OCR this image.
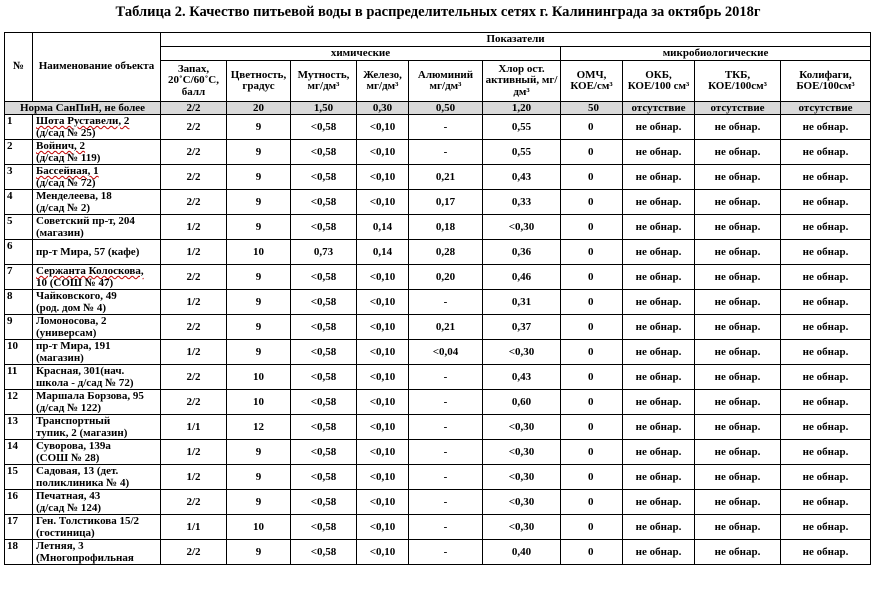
Таблица 2. Качество питьевой воды в распределительных сетях г. Калининграда за октябрь 2018г
№	Наименование объекта	Показатели									
		химические						микробиологические			
		Запах, 20˚С/60˚С, балл	Цветность, градус	Мутность, мг/дм³	Железо, мг/дм³	Алюминий мг/дм³	Хлор ост. активный, мг/дм³	ОМЧ, КОЕ/см³	ОКБ, КОЕ/100 см³	ТКБ, КОЕ/100см³	Колифаги, БОЕ/100см³
Норма СанПиН, не более		2/2	20	1,50	0,30	0,50	1,20	50	отсутствие	отсутствие	отсутствие
1	Шота Руставели, 2
(д/сад № 25)	2/2	9	<0,58	<0,10	-	0,55	0	не обнар.	не обнар.	не обнар.
2	Войнич, 2
(д/сад № 119)	2/2	9	<0,58	<0,10	-	0,55	0	не обнар.	не обнар.	не обнар.
3	Бассейная, 1
(д/сад № 72)	2/2	9	<0,58	<0,10	0,21	0,43	0	не обнар.	не обнар.	не обнар.
4	Менделеева, 18
(д/сад № 2)	2/2	9	<0,58	<0,10	0,17	0,33	0	не обнар.	не обнар.	не обнар.
5	Советский пр-т, 204
(магазин)	1/2	9	<0,58	0,14	0,18	<0,30	0	не обнар.	не обнар.	не обнар.
6	пр-т Мира, 57 (кафе)	1/2	10	0,73	0,14	0,28	0,36	0	не обнар.	не обнар.	не обнар.
7	Сержанта Колоскова,
10 (СОШ № 47)	2/2	9	<0,58	<0,10	0,20	0,46	0	не обнар.	не обнар.	не обнар.
8	Чайковского, 49
(род. дом № 4)	1/2	9	<0,58	<0,10	-	0,31	0	не обнар.	не обнар.	не обнар.
9	Ломоносова, 2
(универсам)	2/2	9	<0,58	<0,10	0,21	0,37	0	не обнар.	не обнар.	не обнар.
10	пр-т Мира, 191
(магазин)	1/2	9	<0,58	<0,10	<0,04	<0,30	0	не обнар.	не обнар.	не обнар.
11	Красная, 301(нач.
школа - д/сад № 72)	2/2	10	<0,58	<0,10	-	0,43	0	не обнар.	не обнар.	не обнар.
12	Маршала Борзова, 95
(д/сад № 122)	2/2	10	<0,58	<0,10	-	0,60	0	не обнар.	не обнар.	не обнар.
13	Транспортный
тупик, 2 (магазин)	1/1	12	<0,58	<0,10	-	<0,30	0	не обнар.	не обнар.	не обнар.
14	Суворова, 139а
(СОШ № 28)	1/2	9	<0,58	<0,10	-	<0,30	0	не обнар.	не обнар.	не обнар.
15	Садовая, 13 (дет.
поликлиника № 4)	1/2	9	<0,58	<0,10	-	<0,30	0	не обнар.	не обнар.	не обнар.
16	Печатная, 43
(д/сад № 124)	2/2	9	<0,58	<0,10	-	<0,30	0	не обнар.	не обнар.	не обнар.
17	Ген. Толстикова 15/2
(гостиница)	1/1	10	<0,58	<0,10	-	<0,30	0	не обнар.	не обнар.	не обнар.
18	Летняя, 3
(Многопрофильная	2/2	9	<0,58	<0,10	-	0,40	0	не обнар.	не обнар.	не обнар.
